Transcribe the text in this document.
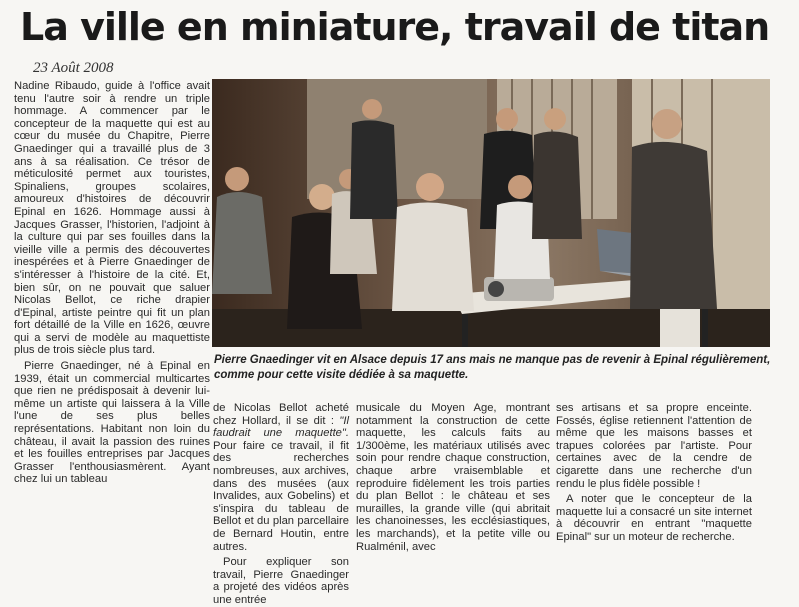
La ville en miniature, travail de titan
23 Août 2008

Nadine Ribaudo, guide à l'office avait tenu l'autre soir à rendre un triple hommage. A commencer par le concepteur de la maquette qui est au cœur du musée du Chapitre, Pierre Gnaedinger qui a travaillé plus de 3 ans à sa réalisation. Ce trésor de méticulosité permet aux touristes, Spinaliens, groupes scolaires, amoureux d'histoires de découvrir Epinal en 1626. Hommage aussi à Jacques Grasser, l'historien, l'adjoint à la culture qui par ses fouilles dans la vieille ville a permis des découvertes inespérées et à Pierre Gnaedinger de s'intéresser à l'histoire de la cité. Et, bien sûr, on ne pouvait que saluer Nicolas Bellot, ce riche drapier d'Epinal, artiste peintre qui fit un plan fort détaillé de la Ville en 1626, œuvre qui a servi de modèle au maquettiste plus de trois siècle plus tard.

Pierre Gnaedinger, né à Epinal en 1939, était un commercial multicartes que rien ne prédisposait à devenir lui-même un artiste qui laissera à la Ville l'une de ses plus belles représentations. Habitant non loin du château, il avait la passion des ruines et les fouilles entreprises par Jacques Grasser l'enthousiasmèrent. Ayant chez lui un tableau

Pierre Gnaedinger vit en Alsace depuis 17 ans mais ne manque pas de revenir à Epinal régulièrement, comme pour cette visite dédiée à sa maquette.

de Nicolas Bellot acheté chez Hollard, il se dit : "Il faudrait une maquette". Pour faire ce travail, il fit des recherches nombreuses, aux archives, dans des musées (aux Invalides, aux Gobelins) et s'inspira du tableau de Bellot et du plan parcellaire de Bernard Houtin, entre autres.

Pour expliquer son travail, Pierre Gnaedinger a projeté des vidéos après une entrée

musicale du Moyen Age, montrant notamment la construction de cette maquette, les calculs faits au 1/300ème, les matériaux utilisés avec soin pour rendre chaque construction, chaque arbre vraisemblable et reproduire fidèlement les trois parties du plan Bellot : le château et ses murailles, la grande ville (qui abritait les chanoinesses, les ecclésiastiques, les marchands), et la petite ville ou Rualménil, avec

ses artisans et sa propre enceinte. Fossés, église retiennent l'attention de même que les maisons basses et trapues colorées par l'artiste. Pour certaines avec de la cendre de cigarette dans une recherche d'un rendu le plus fidèle possible !

A noter que le concepteur de la maquette lui a consacré un site internet à découvrir en entrant "maquette Epinal" sur un moteur de recherche.
